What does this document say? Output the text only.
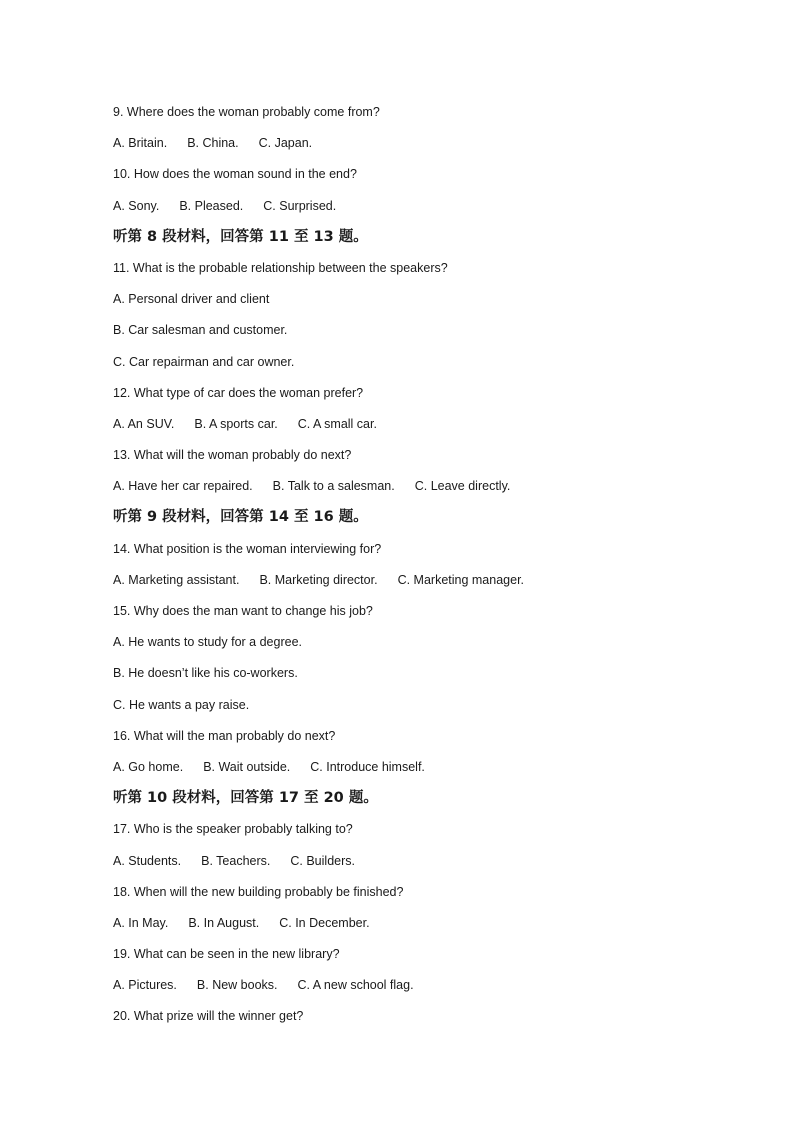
9. Where does the woman probably come from?
A. Britain. B. China. C. Japan.
10. How does the woman sound in the end?
A. Sony. B. Pleased. C. Surprised.
听第 8 段材料，回答第 11 至 13 题。
11. What is the probable relationship between the speakers?
A. Personal driver and client
B. Car salesman and customer.
C. Car repairman and car owner.
12. What type of car does the woman prefer?
A. An SUV. B. A sports car. C. A small car.
13. What will the woman probably do next?
A. Have her car repaired. B. Talk to a salesman. C. Leave directly.
听第 9 段材料，回答第 14 至 16 题。
14. What position is the woman interviewing for?
A. Marketing assistant. B. Marketing director. C. Marketing manager.
15. Why does the man want to change his job?
A. He wants to study for a degree.
B. He doesn’t like his co-workers.
C. He wants a pay raise.
16. What will the man probably do next?
A. Go home. B. Wait outside. C. Introduce himself.
听第 10 段材料，回答第 17 至 20 题。
17. Who is the speaker probably talking to?
A. Students. B. Teachers. C. Builders.
18. When will the new building probably be finished?
A. In May. B. In August. C. In December.
19. What can be seen in the new library?
A. Pictures. B. New books. C. A new school flag.
20. What prize will the winner get?
